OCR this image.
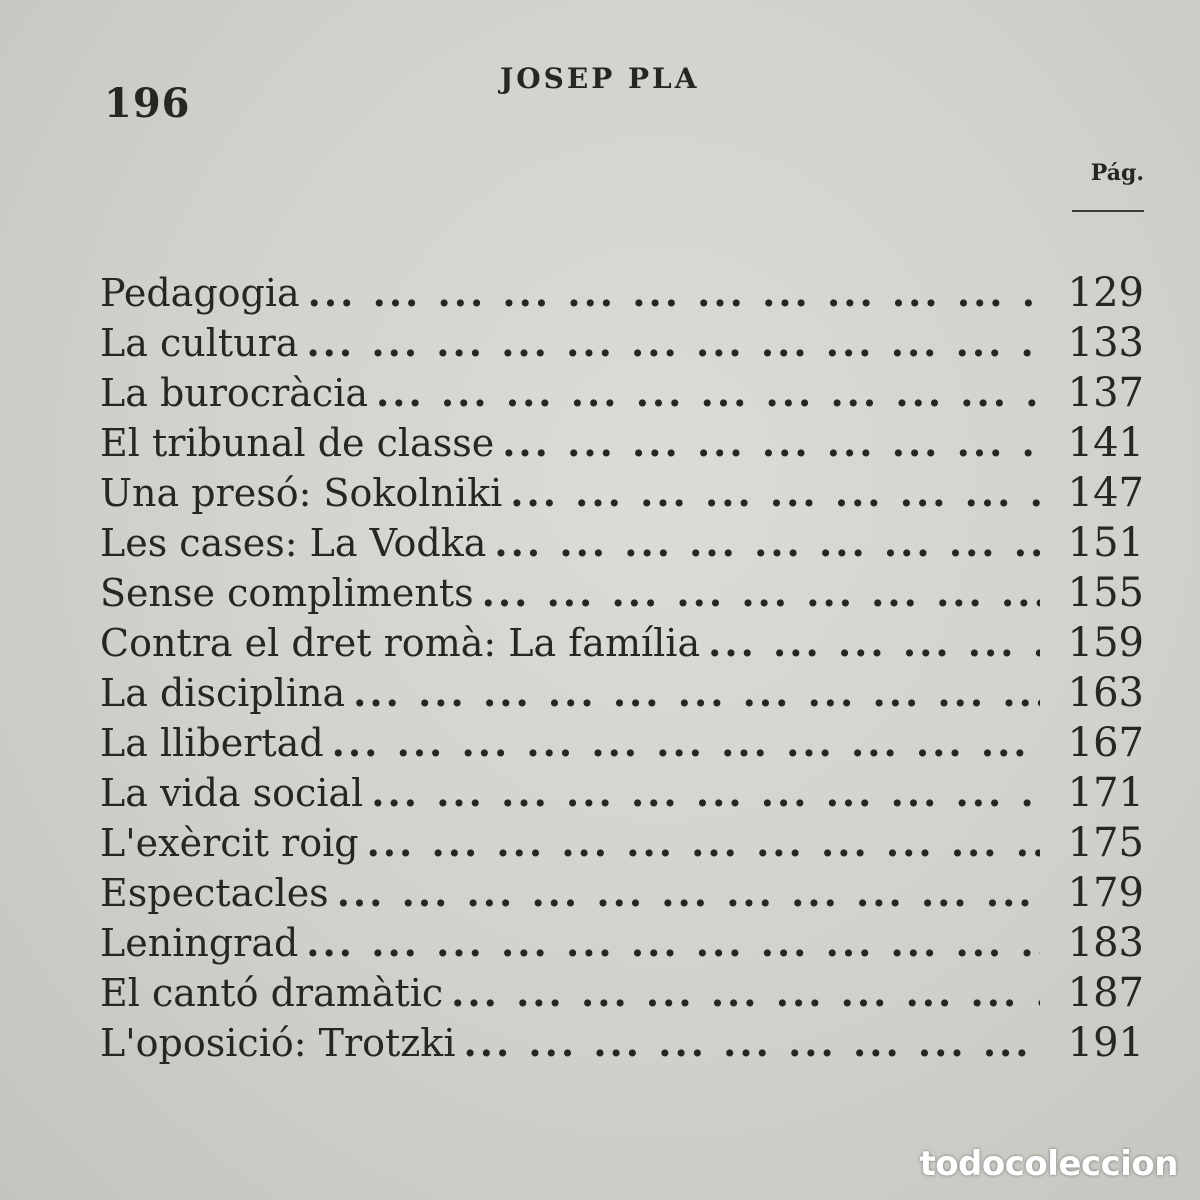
196
JOSEP PLA
Pág.
Pedagogia ... .	129
La cultura ... .	133
La burocràcia ... .	137
El tribunal de classe ... .	141
Una presó: Sokolniki ... .	147
Les cases: La Vodka ... .	151
Sense compliments ... .	155
Contra el dret romà: La família ... .	159
La disciplina ... .	163
La llibertad ... .	167
La vida social ... .	171
L'exèrcit roig ... .	175
Espectacles ... .	179
Leningrad ... .	183
El cantó dramàtic ... .	187
L'oposició: Trotzki ... .	191
todocoleccion
